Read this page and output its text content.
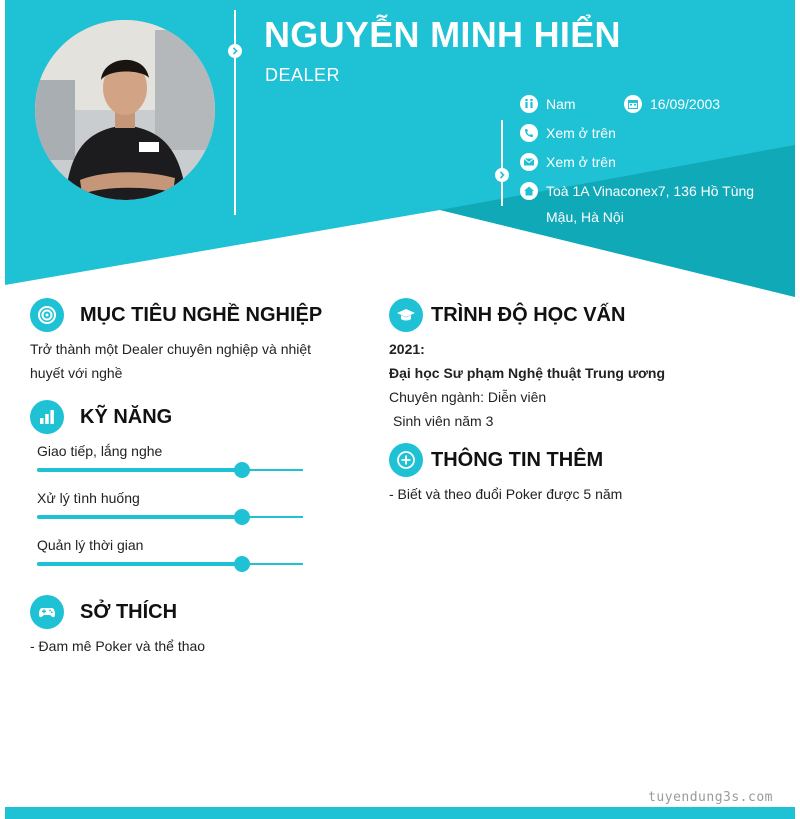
NGUYỄN MINH HIỂN
DEALER
Nam	16/09/2003
Xem ở trên
Xem ở trên
Toà 1A Vinaconex7, 136 Hồ Tùng Mậu, Hà Nội
MỤC TIÊU NGHỀ NGHIỆP
Trở thành một Dealer chuyên nghiệp và nhiệt huyết với nghề
KỸ NĂNG
Giao tiếp, lắng nghe
Xử lý tình huống
Quản lý thời gian
SỞ THÍCH
- Đam mê Poker và thể thao
TRÌNH ĐỘ HỌC VẤN
2021:
Đại học Sư phạm Nghệ thuật Trung ương
Chuyên ngành: Diễn viên
Sinh viên năm 3
THÔNG TIN THÊM
- Biết và theo đuổi Poker được 5 năm
tuyendung3s.com
